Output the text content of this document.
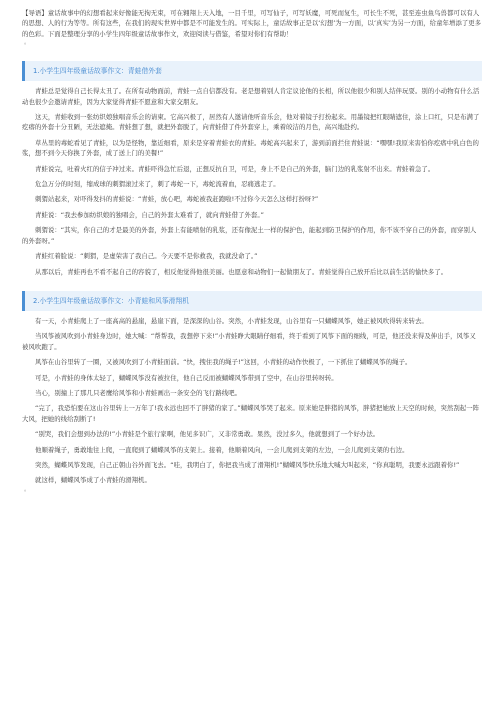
【导语】童话故事中的幻想看起来好像能无拘无束，可在翱翔上天入地，一目千里，可写仙子，可写妖魔，可死而复生，可长生不死，甚至连虫鱼鸟兽都可以有人的思想、人的行为等等。所有这些，在我们的现实世界中都是不可能发生的。可实际上，童话故事正是以‘幻想’为一方面，以‘真实’为另一方面，给童年增添了更多的色彩。下面是整理分享的小学生四年级童话故事作文，欢迎阅读与借鉴，希望对你们有帮助！

。
1.小学生四年级童话故事作文：青蛙借外套

青蛙总是觉得自己长得太丑了。在所有动物面前，青蛙一点自信都没有。老是想着别人肯定议论他的长相，所以他很少和别人结伴玩耍。别的小动物有什么活动也很少会邀请青蛙，因为大家觉得青蛙不愿意和大家交朋友。

这天，青蛙收到一张纺织娘独唱音乐会的请柬。它高兴极了，居然有人邀请他听音乐会，他对着镜子打扮起来。用墨镜把红眼睛遮住，涂上口红，只是布满了疙瘩的外套十分丑陋，无法遮掩。青蛙想了想，就把外套脱了，向青蛙借了件外套穿上，乘着皎洁的月色，高兴地赴约。

草丛里的毒蛇看见了青蛙，以为是怪物，靠近细看，原来是穿着青蛙衣的青蛙。毒蛇高兴起来了，游到前面拦住青蛙说：“嘿嘿!我原来害怕你疙瘩中乳白色的浆，想不到今天你换了外套，成了送上门的美餐!”

青蛙说完，吐着火红的信子冲过来。青蛙吓得急忙后退，正想反抗自卫，可是，身上不是自己的外套，脑门边的乳浆射不出来。青蛙着急了。

危急万分的时刻，缩成球的刺猬滚过来了，刺了毒蛇一下，毒蛇流着血，忍痛逃走了。

刺猬站起来，对吓得发抖的青蛙说：“青蛙，放心吧，毒蛇被我赶跑啦!不过你今天怎么这样打扮呀?”

青蛙说：“我去参加纺织娘的独唱会，自己的外套太难看了，就向青蛙借了外套。”

刺猬说：“其实，你自己的才是最美的外套，外套上有能喷射的乳浆，还有像泥土一样的保护色，能起到防卫保护的作用，你不该不穿自己的外套，而穿别人的外套呀。”

青蛙红着脸说：“刺猬，是虚荣害了我自己。今天要不是你救我，我就没命了。”

从那以后，青蛙再也不看不起自己的容貌了，相反他觉得他很美丽。也愿意和动物们一起做朋友了。青蛙觉得自己放开后比以前生活的愉快多了。

2.小学生四年级童话故事作文：小青蛙和风筝滑翔机

有一天，小青蛙爬上了一座高高的悬崖，悬崖下面，是深深的山谷。突然，小青蛙发现，山谷里有一只蝴蝶风筝，她正被风吹得转来转去。

当风筝被风吹到小青蛙身边时，她大喊：“帮帮我，我想停下来!”小青蛙睁大眼睛仔细看，终于看到了风筝下面的细线，可是，他还没来得及伸出手，风筝又被风吹跑了。

风筝在山谷里转了一圈，又被风吹到了小青蛙面前。“快，拽住我的绳子!”这回，小青蛙的动作快极了，一下抓住了蝴蝶风筝的绳子。

可是，小青蛙的身体太轻了，蝴蝶风筝没有被拉住，他自己反而被蝴蝶风筝带到了空中，在山谷里转呀转。

当心，别撞上了那几只老鹰给风筝和小青蛙画出一条安全的飞行路线吧。

“完了，我恐怕要在这山谷里转上一万年了!我永远也回不了胖猪的家了。”蝴蝶风筝哭了起来。原来她是胖猪的风筝，胖猪把她放上天空的时候，突然刮起一阵大风，把她的线给刮断了!

“别哭，我们会想到办法的!”小青蛙是个旅行家啊，他见多识广，又非常勇敢。果然，没过多久，他就想到了一个好办法。

他顺着绳子，勇敢地往上爬，一直爬到了蝴蝶风筝的支架上。接着，他顺着风向，一会儿爬到支架的左边，一会儿爬到支架的右边。

突然，蝴蝶风筝发现，自己正朝山谷外面飞去。“哇，我明白了，你把我当成了滑翔机!”蝴蝶风筝快乐地大喊大叫起来，“你真聪明，我要永远跟着你!”

就这样，蝴蝶风筝成了小青蛙的滑翔机。

。
